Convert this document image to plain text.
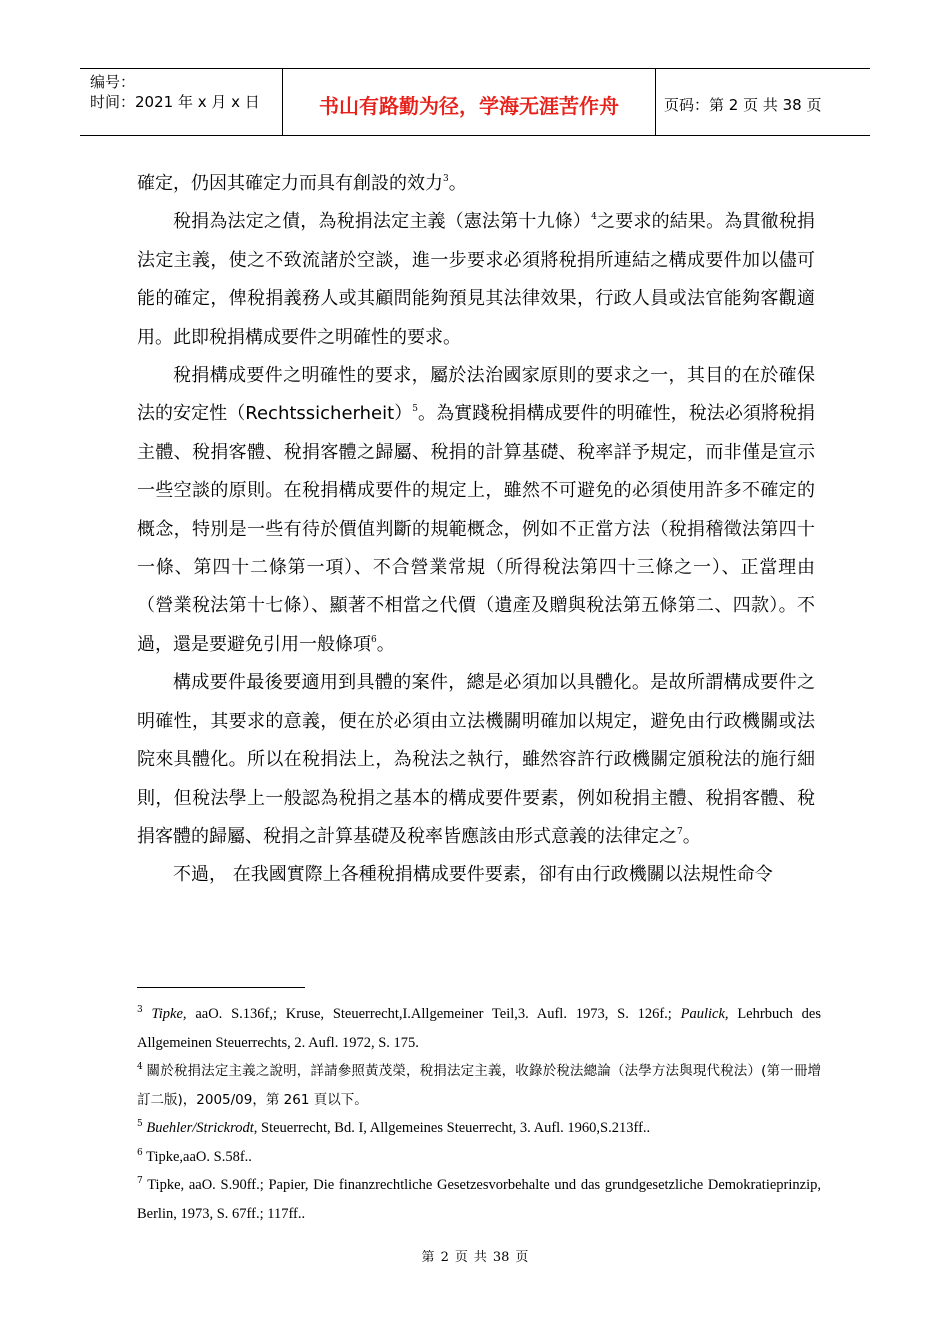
编号：
时间：2021 年 x 月 x 日	书山有路勤为径，学海无涯苦作舟	页码：第 2 页 共 38 页

確定，仍因其確定力而具有創設的效力$^3$。

稅捐為法定之債，為稅捐法定主義（憲法第十九條）$^4$之要求的結果。為貫徹稅捐法定主義，使之不致流諸於空談，進一步要求必須將稅捐所連結之構成要件加以儘可能的確定，俾稅捐義務人或其顧問能夠預見其法律效果，行政人員或法官能夠客觀適用。此即稅捐構成要件之明確性的要求。

稅捐構成要件之明確性的要求，屬於法治國家原則的要求之一，其目的在於確保法的安定性（Rechtssicherheit）$^5$。為實踐稅捐構成要件的明確性，稅法必須將稅捐主體、稅捐客體、稅捐客體之歸屬、稅捐的計算基礎、稅率詳予規定，而非僅是宣示一些空談的原則。在稅捐構成要件的規定上，雖然不可避免的必須使用許多不確定的概念，特別是一些有待於價值判斷的規範概念，例如不正當方法（稅捐稽徵法第四十一條、第四十二條第一項）、不合營業常規（所得稅法第四十三條之一）、正當理由（營業稅法第十七條）、顯著不相當之代價（遺產及贈與稅法第五條第二、四款）。不過，還是要避免引用一般條項$^6$。

構成要件最後要適用到具體的案件，總是必須加以具體化。是故所謂構成要件之明確性，其要求的意義，便在於必須由立法機關明確加以規定，避免由行政機關或法院來具體化。所以在稅捐法上，為稅法之執行，雖然容許行政機關定頒稅法的施行細則，但稅法學上一般認為稅捐之基本的構成要件要素，例如稅捐主體、稅捐客體、稅捐客體的歸屬、稅捐之計算基礎及稅率皆應該由形式意義的法律定之$^7$。

不過， 在我國實際上各種稅捐構成要件要素，卻有由行政機關以法規性命令

$^3$ Tipke, aaO. S.136f,; Kruse, Steuerrecht,I.Allgemeiner Teil,3. Aufl. 1973, S. 126f.; Paulick, Lehrbuch des Allgemeinen Steuerrechts, 2. Aufl. 1972, S. 175.

$^4$ 關於稅捐法定主義之說明，詳請參照黃茂榮，稅捐法定主義，收錄於稅法總論（法學方法與現代稅法）(第一冊增訂二版)，2005/09，第 261 頁以下。

$^5$ Buehler/Strickrodt, Steuerrecht, Bd. I, Allgemeines Steuerrecht, 3. Aufl. 1960,S.213ff..

$^6$ Tipke,aaO. S.58f..

$^7$ Tipke, aaO. S.90ff.; Papier, Die finanzrechtliche Gesetzesvorbehalte und das grundgesetzliche Demokratieprinzip, Berlin, 1973, S. 67ff.; 117ff..

第 2 页 共 38 页
